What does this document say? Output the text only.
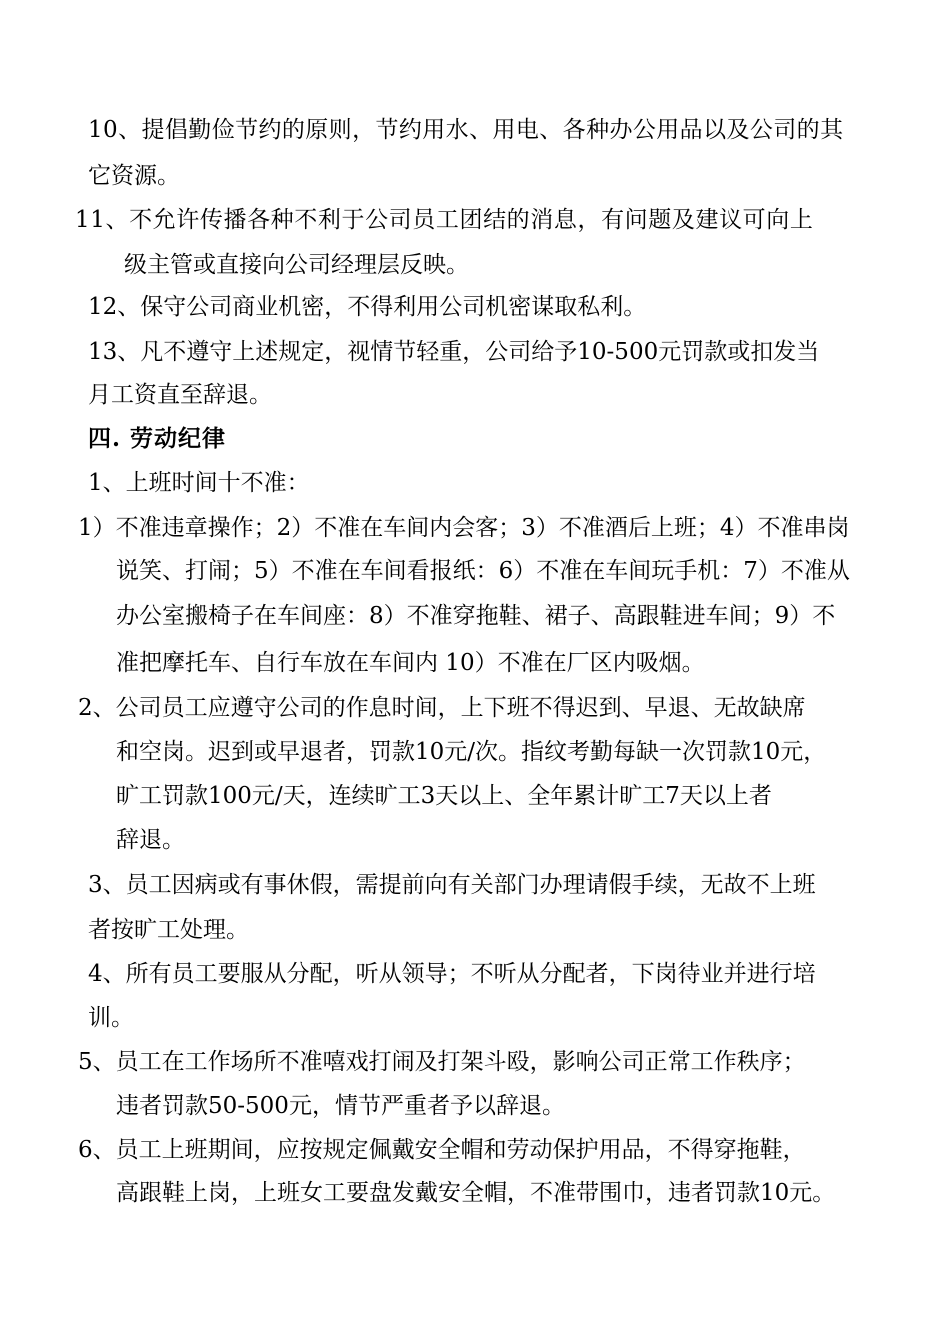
10、提倡勤俭节约的原则，节约用水、用电、各种办公用品以及公司的其
它资源。
11、不允许传播各种不利于公司员工团结的消息，有问题及建议可向上
级主管或直接向公司经理层反映。
12、保守公司商业机密，不得利用公司机密谋取私利。
13、凡不遵守上述规定，视情节轻重，公司给予10-500元罚款或扣发当
月工资直至辞退。
四. 劳动纪律
1、上班时间十不准：
1）不准违章操作；2）不准在车间内会客；3）不准酒后上班；4）不准串岗
说笑、打闹；5）不准在车间看报纸：6）不准在车间玩手机：7）不准从
办公室搬椅子在车间座：8）不准穿拖鞋、裙子、高跟鞋进车间；9）不
准把摩托车、自行车放在车间内 10）不准在厂区内吸烟。
2、公司员工应遵守公司的作息时间，上下班不得迟到、早退、无故缺席
和空岗。迟到或早退者，罚款10元/次。指纹考勤每缺一次罚款10元，
旷工罚款100元/天，连续旷工3天以上、全年累计旷工7天以上者
辞退。
3、员工因病或有事休假，需提前向有关部门办理请假手续，无故不上班
者按旷工处理。
4、所有员工要服从分配，听从领导；不听从分配者，下岗待业并进行培
训。
5、员工在工作场所不准嘻戏打闹及打架斗殴，影响公司正常工作秩序；
违者罚款50-500元，情节严重者予以辞退。
6、员工上班期间，应按规定佩戴安全帽和劳动保护用品，不得穿拖鞋，
高跟鞋上岗，上班女工要盘发戴安全帽，不准带围巾，违者罚款10元。
